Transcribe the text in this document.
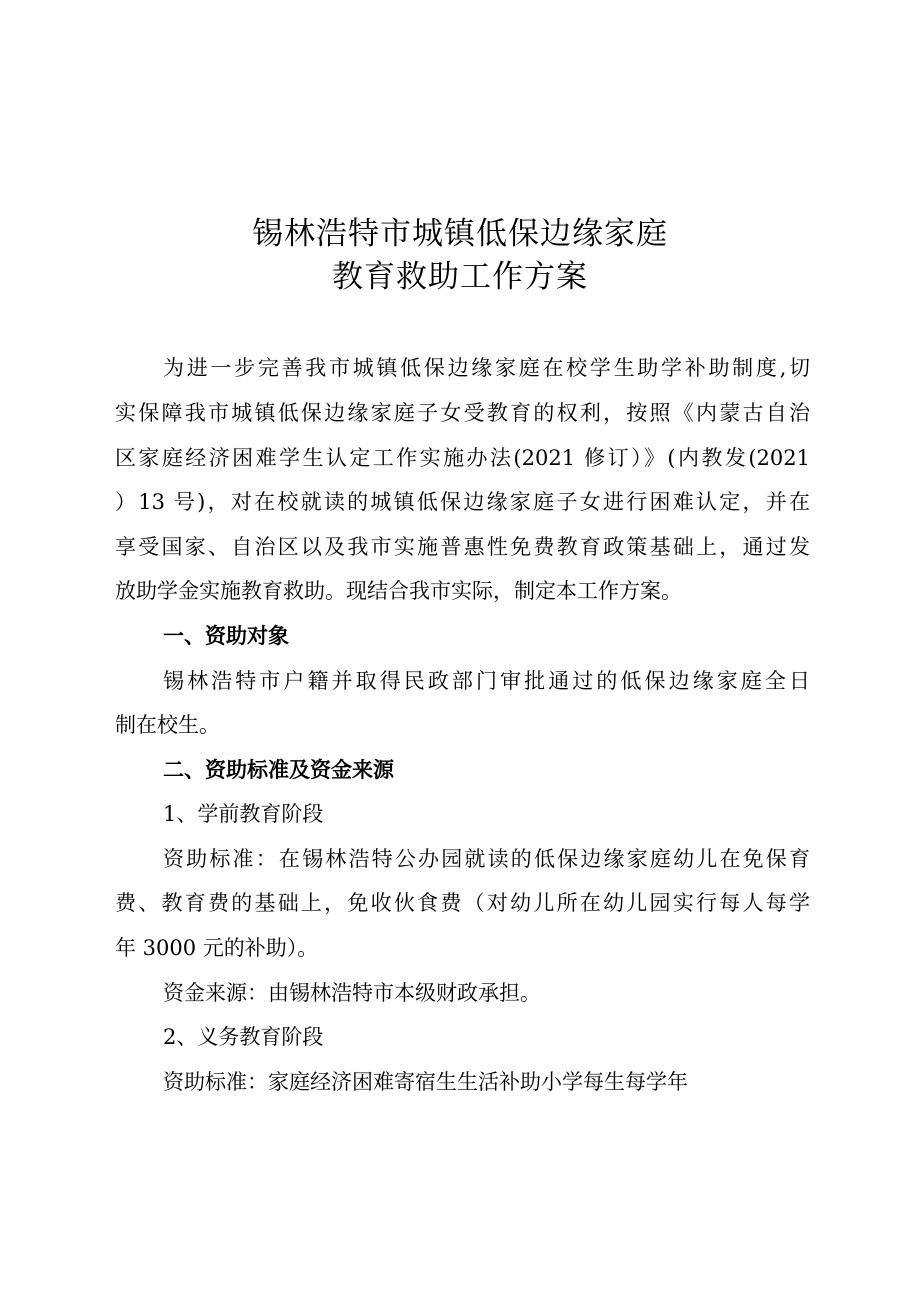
锡林浩特市城镇低保边缘家庭
教育救助工作方案
为进一步完善我市城镇低保边缘家庭在校学生助学补助制度,切
实保障我市城镇低保边缘家庭子女受教育的权利，按照《内蒙古自治
区家庭经济困难学生认定工作实施办法(2021 修订）》(内教发(2021
）13 号)，对在校就读的城镇低保边缘家庭子女进行困难认定，并在
享受国家、自治区以及我市实施普惠性免费教育政策基础上，通过发
放助学金实施教育救助。现结合我市实际，制定本工作方案。
一、资助对象
锡林浩特市户籍并取得民政部门审批通过的低保边缘家庭全日
制在校生。
二、资助标准及资金来源
1、学前教育阶段
资助标准：在锡林浩特公办园就读的低保边缘家庭幼儿在免保育
费、教育费的基础上，免收伙食费（对幼儿所在幼儿园实行每人每学
年 3000 元的补助）。
资金来源：由锡林浩特市本级财政承担。
2、义务教育阶段
资助标准：家庭经济困难寄宿生生活补助小学每生每学年
